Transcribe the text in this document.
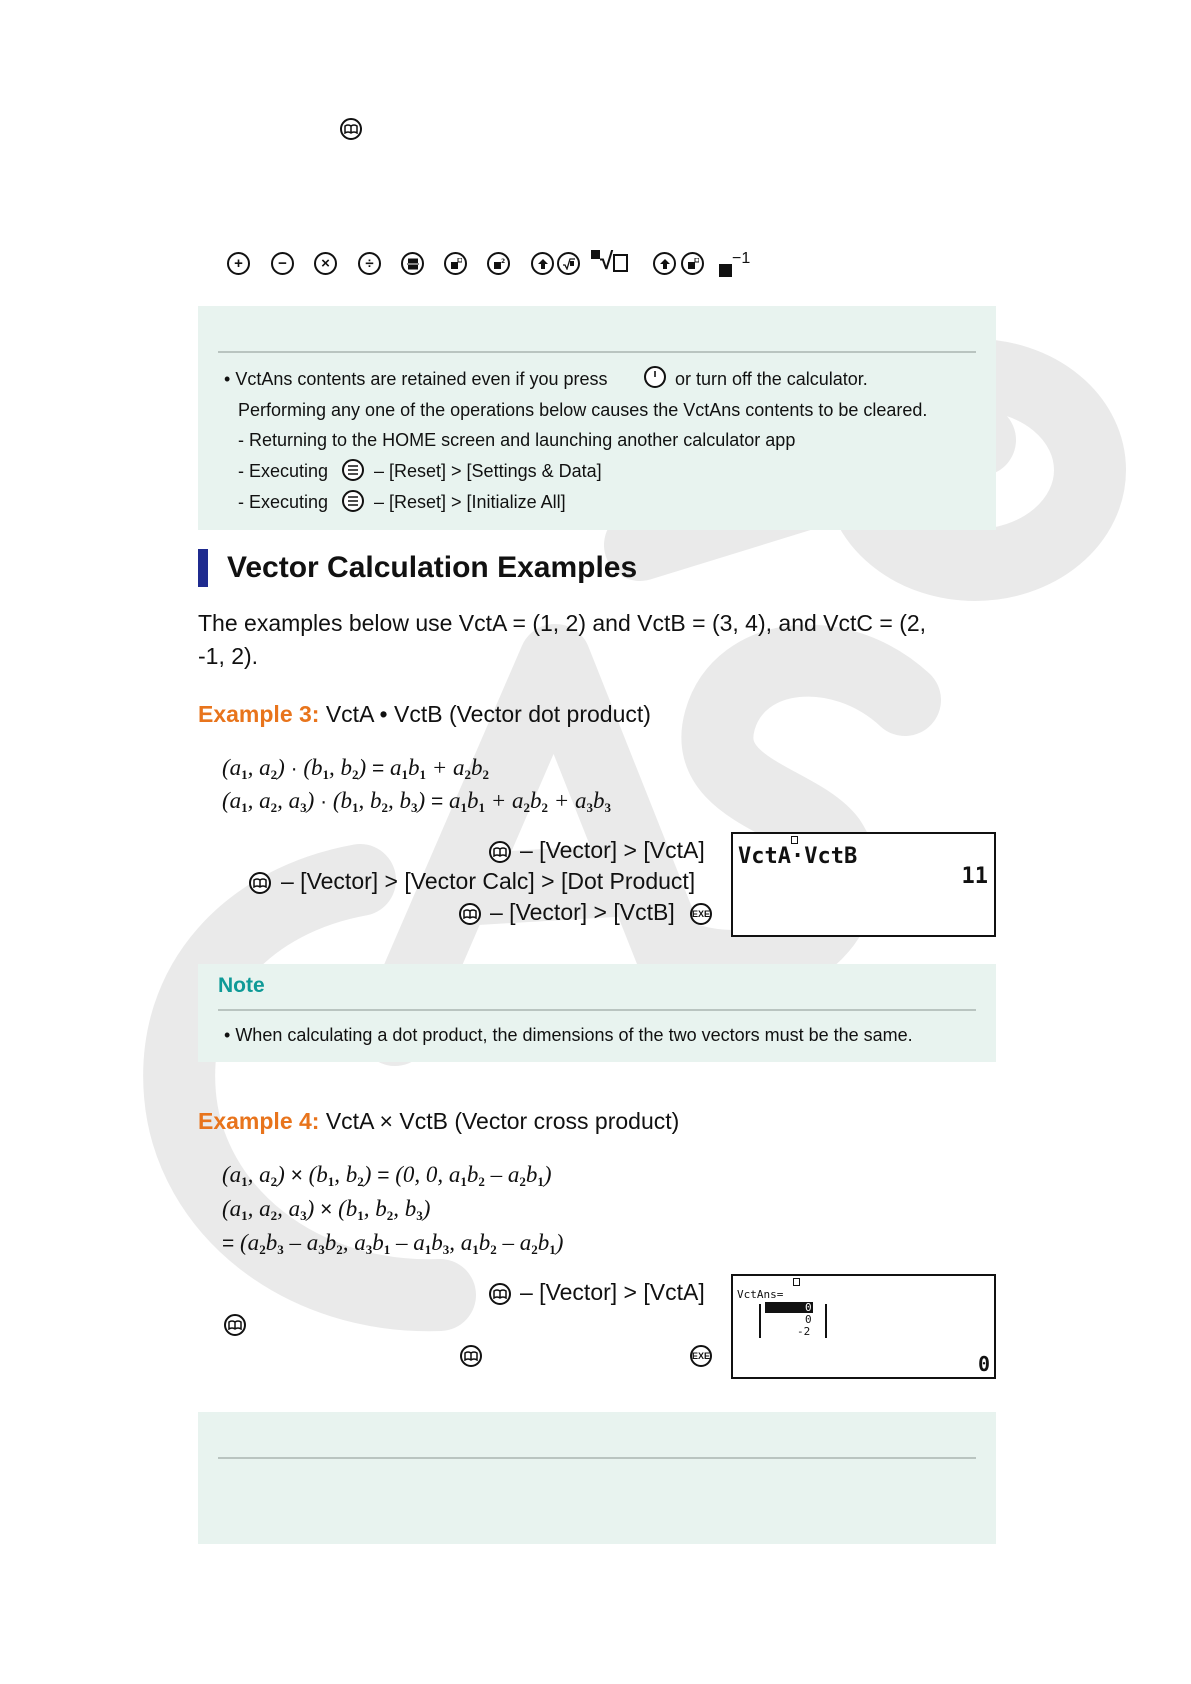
+	−	×	÷	2	√	−1
• VctAns contents are retained even if you press	or turn off the calculator.
Performing any one of the operations below causes the VctAns contents to be cleared.
- Returning to the HOME screen and launching another calculator app
- Executing	– [Reset] > [Settings & Data]
- Executing	– [Reset] > [Initialize All]
Vector Calculation Examples
The examples below use VctA = (1, 2) and VctB = (3, 4), and VctC = (2,
-1, 2).
Example 3: VctA • VctB (Vector dot product)
($a_1$, $a_2) \cdot (b_1$, $b_2) = a_1b_1 + a_2b_2$
($a_1$, $a_2$, $a_3) \cdot (b_1$, $b_2$, $b_3) = a_1b_1 + a_2b_2 + a_3b_3$
– [Vector] > [VctA]
– [Vector] > [Vector Calc] > [Dot Product]
– [Vector] > [VctB] EXE
VctA·VctB
11
Note
• When calculating a dot product, the dimensions of the two vectors must be the same.
Example 4: VctA × VctB (Vector cross product)
($a_1$, $a_2) \times (b_1$, $b_2) = (0$, 0, $a_1b_2 - a_2b_1$)
($a_1$, $a_2$, $a_3) \times (b_1$, $b_2$, $b_3$)
= ($a_2b_3 - a_3b_2$, $a_3b_1 - a_1b_3$, $a_1b_2 - a_2b_1$)
– [Vector] > [VctA]
EXE
VctAns=
0
0
-2
0
